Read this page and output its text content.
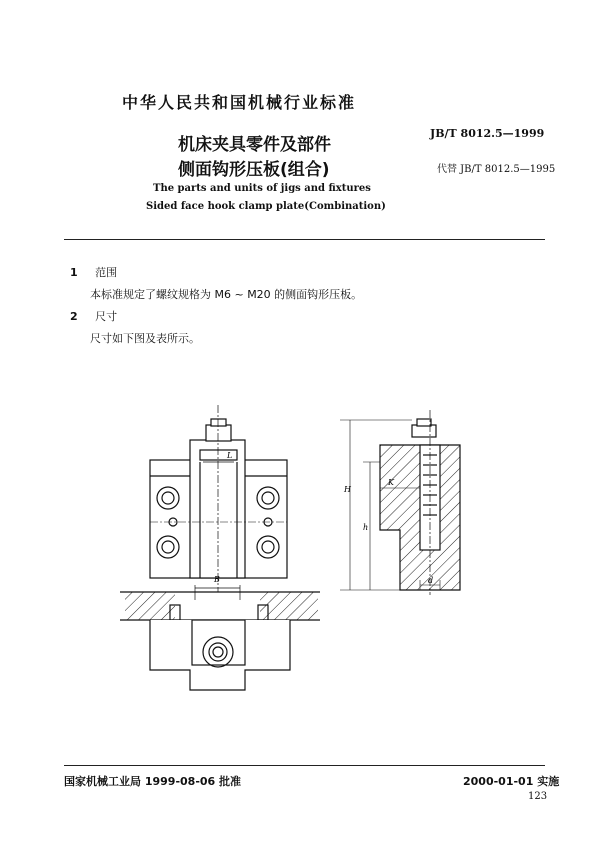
中华人民共和国机械行业标准
JB/T 8012.5—1999
代替 JB/T 8012.5—1995
机床夹具零件及部件
侧面钩形压板(组合)
The parts and units of jigs and fixtures
Sided face hook clamp plate(Combination)
1 范围
本标准规定了螺纹规格为 M6 ~ M20 的侧面钩形压板。
2 尺寸
尺寸如下图及表所示。
L
B
H
h
K
d
国家机械工业局 1999-08-06 批准	2000-01-01 实施
123
